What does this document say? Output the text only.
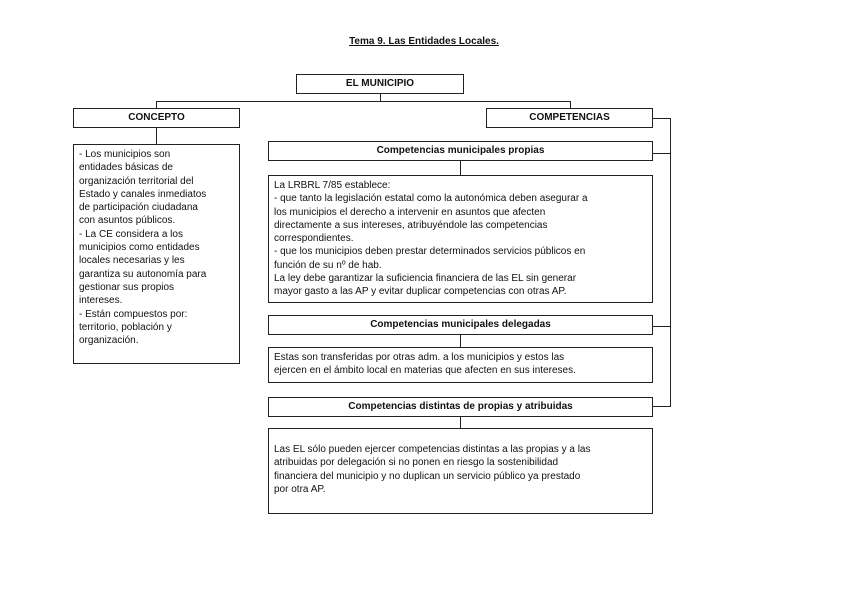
Tema 9. Las Entidades Locales.
EL MUNICIPIO
CONCEPTO

- Los municipios son

entidades básicas de

organización territorial del

Estado y canales inmediatos

de participación ciudadana

con asuntos públicos.

- La CE considera a los

municipios como entidades

locales necesarias y les

garantiza su autonomía para

gestionar sus propios

intereses.

- Están compuestos por:

territorio, población y

organización.

COMPETENCIAS
Competencias municipales propias

La LRBRL 7/85 establece:

- que tanto la legislación estatal como la autonómica deben asegurar a

los municipios el derecho a intervenir en asuntos que afecten

directamente a sus intereses, atribuyéndole las competencias

correspondientes.

- que los municipios deben prestar determinados servicios públicos en

función de su nº de hab.

La ley debe garantizar la suficiencia financiera de las EL sin generar

mayor gasto a las AP y evitar duplicar competencias con otras AP.

Competencias municipales delegadas

Estas son transferidas por otras adm. a los municipios y estos las

ejercen en el ámbito local en materias que afecten en sus intereses.

Competencias distintas de propias y atribuidas

Las EL sólo pueden ejercer competencias distintas a las propias y a las

atribuidas por delegación si no ponen en riesgo la sostenibilidad

financiera del municipio y no duplican un servicio público ya prestado

por otra AP.
